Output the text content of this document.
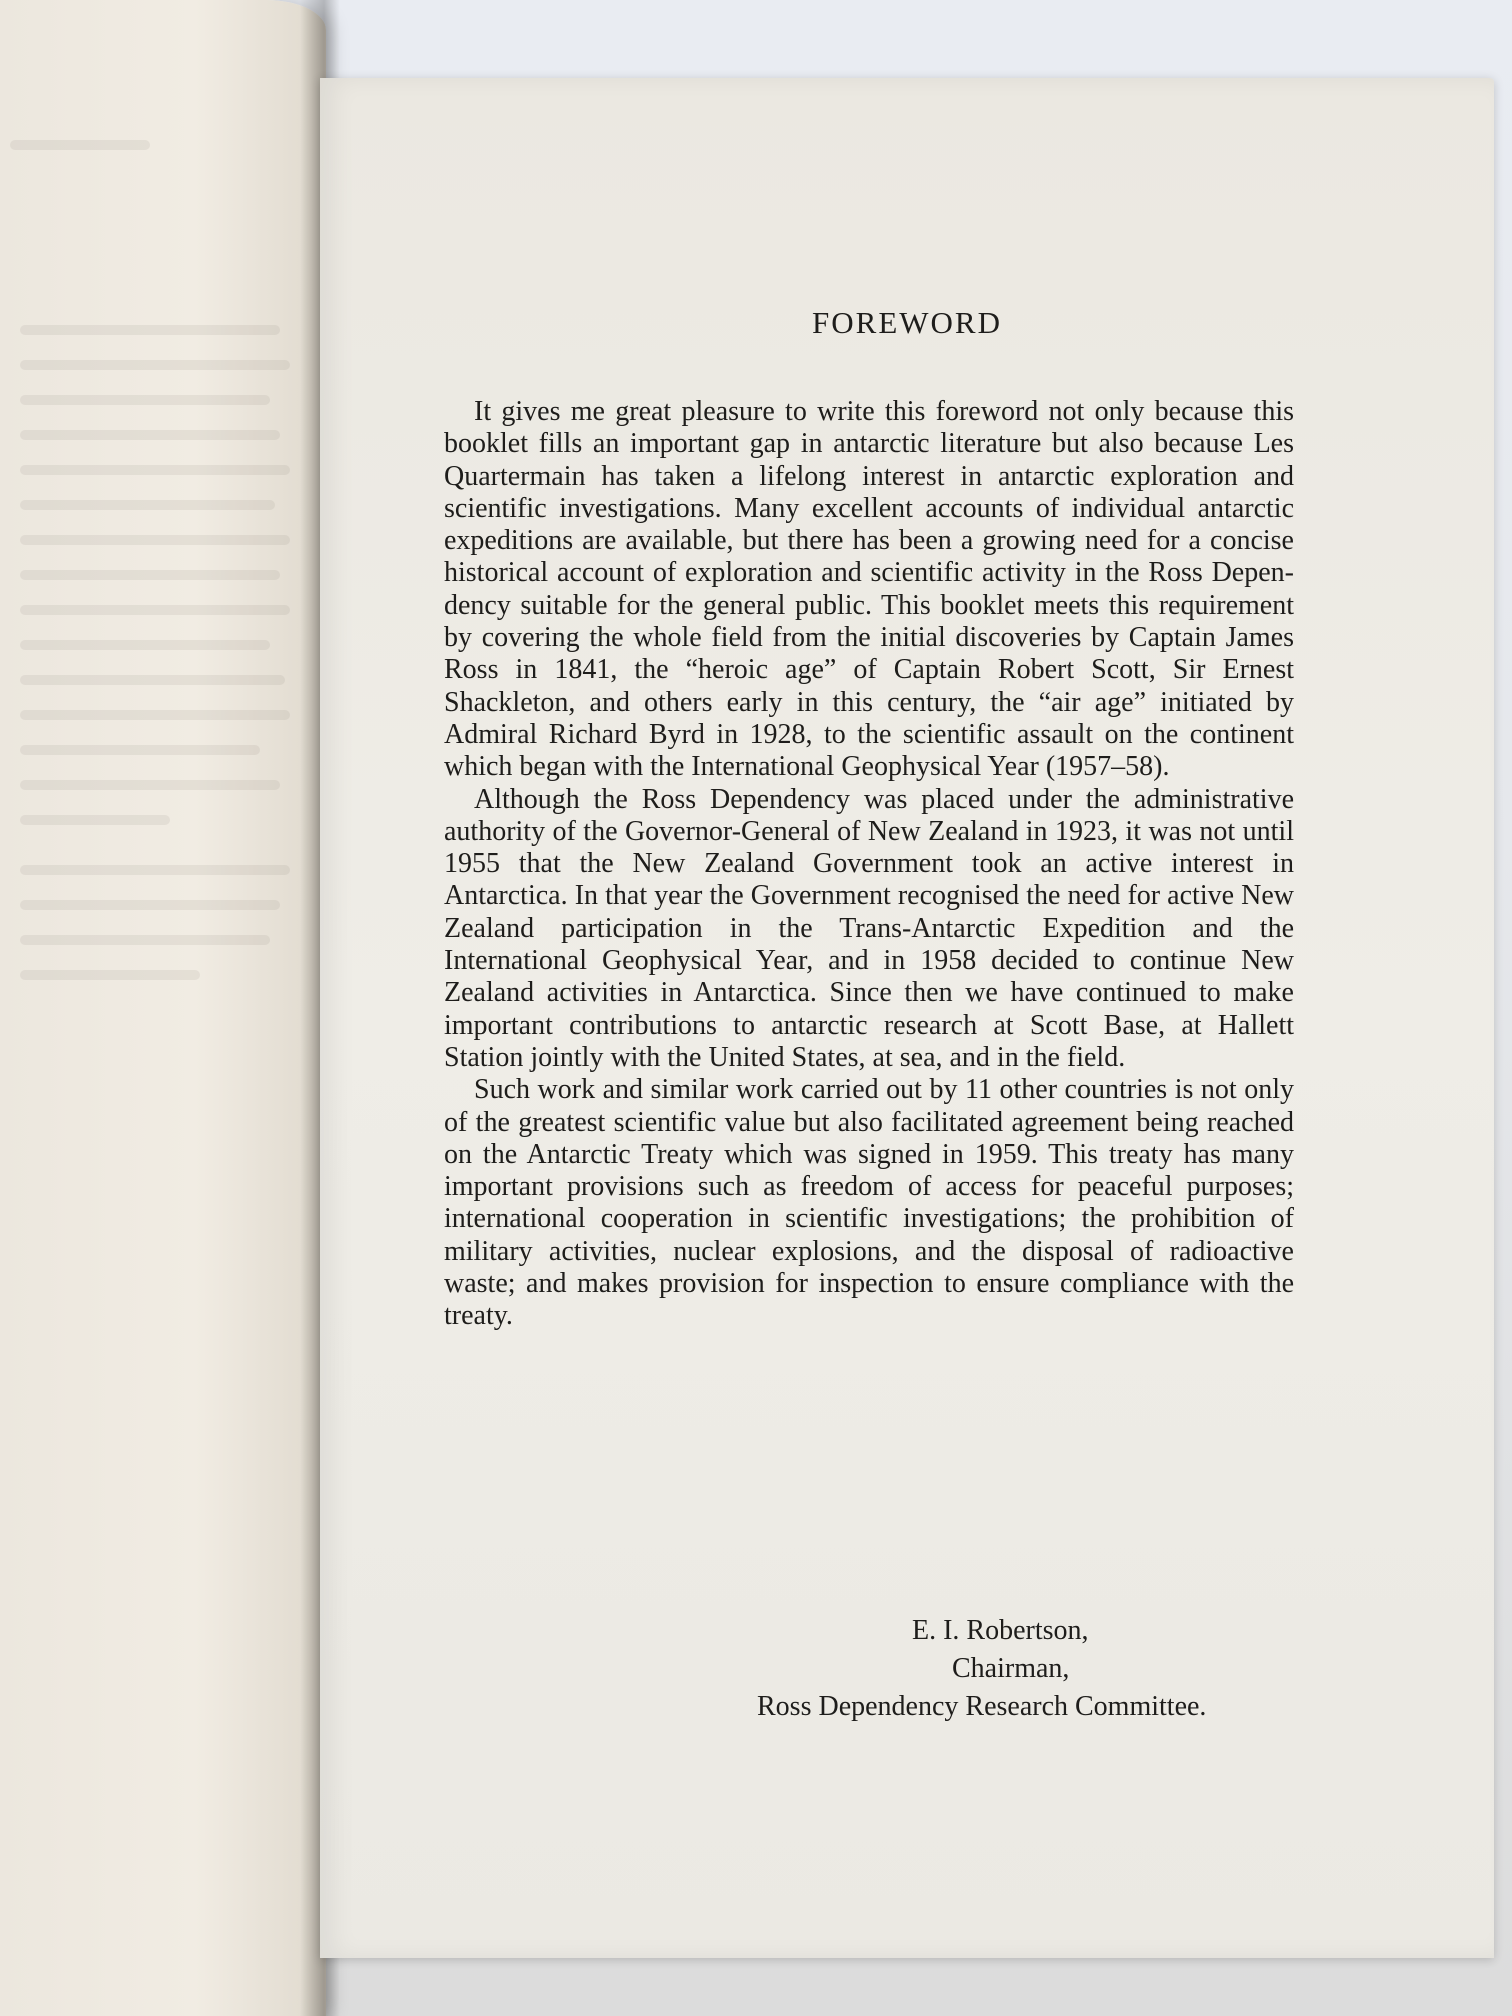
FOREWORD

It gives me great pleasure to write this foreword not only because this booklet fills an important gap in antarctic literature but also because Les Quartermain has taken a lifelong interest in antarctic exploration and scientific investigations. Many excellent accounts of individual antarctic expeditions are available, but there has been a growing need for a concise historical account of exploration and scientific activity in the Ross Dependency suitable for the general public. This booklet meets this requirement by covering the whole field from the initial discoveries by Captain James Ross in 1841, the “heroic age” of Captain Robert Scott, Sir Ernest Shackleton, and others early in this century, the “air age” initiated by Admiral Richard Byrd in 1928, to the scientific assault on the continent which began with the International Geophysical Year (1957–58).

Although the Ross Dependency was placed under the administrative authority of the Governor-General of New Zealand in 1923, it was not until 1955 that the New Zealand Government took an active interest in Antarctica. In that year the Government recognised the need for active New Zealand participation in the Trans-Antarctic Expedition and the International Geophysical Year, and in 1958 decided to continue New Zealand activities in Antarctica. Since then we have continued to make important contributions to antarctic research at Scott Base, at Hallett Station jointly with the United States, at sea, and in the field.

Such work and similar work carried out by 11 other countries is not only of the greatest scientific value but also facilitated agreement being reached on the Antarctic Treaty which was signed in 1959. This treaty has many important provisions such as freedom of access for peaceful purposes; international cooperation in scientific investigations; the prohibition of military activities, nuclear explosions, and the disposal of radioactive waste; and makes provision for inspection to ensure compliance with the treaty.

E. I. Robertson,
Chairman,
Ross Dependency Research Committee.
